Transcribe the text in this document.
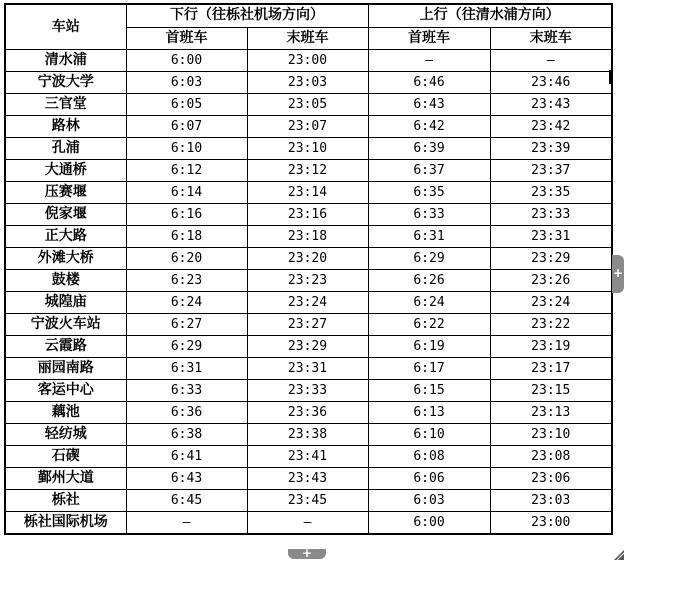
车站	下行（往栎社机场方向）		上行（往清水浦方向）	
	首班车	末班车	首班车	末班车
清水浦	6:00	23:00	—	—
宁波大学	6:03	23:03	6:46	23:46
三官堂	6:05	23:05	6:43	23:43
路林	6:07	23:07	6:42	23:42
孔浦	6:10	23:10	6:39	23:39
大通桥	6:12	23:12	6:37	23:37
压赛堰	6:14	23:14	6:35	23:35
倪家堰	6:16	23:16	6:33	23:33
正大路	6:18	23:18	6:31	23:31
外滩大桥	6:20	23:20	6:29	23:29
鼓楼	6:23	23:23	6:26	23:26
城隍庙	6:24	23:24	6:24	23:24
宁波火车站	6:27	23:27	6:22	23:22
云霞路	6:29	23:29	6:19	23:19
丽园南路	6:31	23:31	6:17	23:17
客运中心	6:33	23:33	6:15	23:15
藕池	6:36	23:36	6:13	23:13
轻纺城	6:38	23:38	6:10	23:10
石碶	6:41	23:41	6:08	23:08
鄞州大道	6:43	23:43	6:06	23:06
栎社	6:45	23:45	6:03	23:03
栎社国际机场	—	—	6:00	23:00
+
+
